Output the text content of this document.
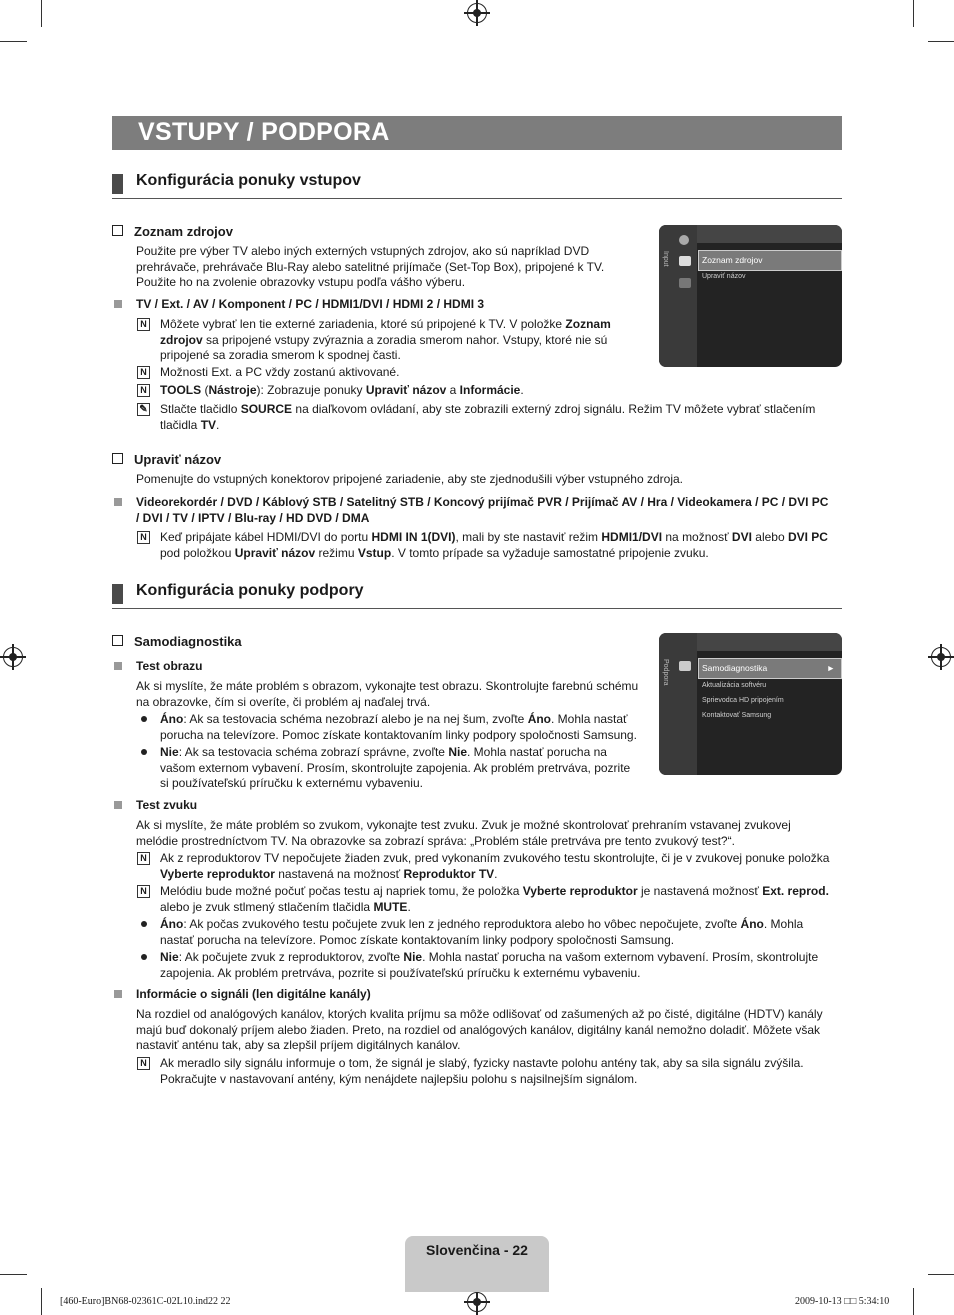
VSTUPY / PODPORA
Konfigurácia ponuky vstupov
Zoznam zdrojov
Použite pre výber TV alebo iných externých vstupných zdrojov, ako sú napríklad DVD
prehrávače, prehrávače Blu-Ray alebo satelitné prijímače (Set-Top Box), pripojené k TV.
Použite ho na zvolenie obrazovky vstupu podľa vášho výberu.
TV / Ext. / AV / Komponent / PC / HDMI1/DVI / HDMI 2 / HDMI 3
N Môžete vybrať len tie externé zariadenia, ktoré sú pripojené k TV. V položke Zoznam
zdrojov sa pripojené vstupy zvýraznia a zoradia smerom nahor. Vstupy, ktoré nie sú
pripojené sa zoradia smerom k spodnej časti.
N Možnosti Ext. a PC vždy zostanú aktivované.
N TOOLS (Nástroje): Zobrazuje ponuky Upraviť názov a Informácie.
✎ Stlačte tlačidlo SOURCE na diaľkovom ovládaní, aby ste zobrazili externý zdroj signálu. Režim TV môžete vybrať stlačením
tlačidla TV.
Input	Zoznam zdrojov
Upraviť názov
Upraviť názov
Pomenujte do vstupných konektorov pripojené zariadenie, aby ste zjednodušili výber vstupného zdroja.
Videorekordér / DVD / Káblový STB / Satelitný STB / Koncový prijímač PVR / Prijímač AV / Hra / Videokamera / PC / DVI PC
/ DVI / TV / IPTV / Blu-ray / HD DVD / DMA
N Keď pripájate kábel HDMI/DVI do portu HDMI IN 1(DVI), mali by ste nastaviť režim HDMI1/DVI na možnosť DVI alebo DVI PC
pod položkou Upraviť názov režimu Vstup. V tomto prípade sa vyžaduje samostatné pripojenie zvuku.
Konfigurácia ponuky podpory
Samodiagnostika
Test obrazu
Ak si myslíte, že máte problém s obrazom, vykonajte test obrazu. Skontrolujte farebnú schému
na obrazovke, čím si overíte, či problém aj naďalej trvá.
Áno: Ak sa testovacia schéma nezobrazí alebo je na nej šum, zvoľte Áno. Mohla nastať
porucha na televízore. Pomoc získate kontaktovaním linky podpory spoločnosti Samsung.
Nie: Ak sa testovacia schéma zobrazí správne, zvoľte Nie. Mohla nastať porucha na
vašom externom vybavení. Prosím, skontrolujte zapojenia. Ak problém pretrváva, pozrite
si používateľskú príručku k externému vybaveniu.
Podpora	Samodiagnostika	►
Aktualizácia softvéru
Sprievodca HD pripojením
Kontaktovať Samsung
Test zvuku
Ak si myslíte, že máte problém so zvukom, vykonajte test zvuku. Zvuk je možné skontrolovať prehraním vstavanej zvukovej
melódie prostredníctvom TV. Na obrazovke sa zobrazí správa: „Problém stále pretrváva pre tento zvukový test?“.
N Ak z reproduktorov TV nepočujete žiaden zvuk, pred vykonaním zvukového testu skontrolujte, či je v zvukovej ponuke položka
Vyberte reproduktor nastavená na možnosť Reproduktor TV.
N Melódiu bude možné počuť počas testu aj napriek tomu, že položka Vyberte reproduktor je nastavená možnosť Ext. reprod.
alebo je zvuk stlmený stlačením tlačidla MUTE.
Áno: Ak počas zvukového testu počujete zvuk len z jedného reproduktora alebo ho vôbec nepočujete, zvoľte Áno. Mohla
nastať porucha na televízore. Pomoc získate kontaktovaním linky podpory spoločnosti Samsung.
Nie: Ak počujete zvuk z reproduktorov, zvoľte Nie. Mohla nastať porucha na vašom externom vybavení. Prosím, skontrolujte
zapojenia. Ak problém pretrváva, pozrite si používateľskú príručku k externému vybaveniu.
Informácie o signáli (len digitálne kanály)
Na rozdiel od analógových kanálov, ktorých kvalita príjmu sa môže odlišovať od zašumených až po čisté, digitálne (HDTV) kanály
majú buď dokonalý príjem alebo žiaden. Preto, na rozdiel od analógových kanálov, digitálny kanál nemožno doladiť. Môžete však
nastaviť anténu tak, aby sa zlepšil príjem digitálnych kanálov.
N Ak meradlo sily signálu informuje o tom, že signál je slabý, fyzicky nastavte polohu antény tak, aby sa sila signálu zvýšila.
Pokračujte v nastavovaní antény, kým nenájdete najlepšiu polohu s najsilnejším signálom.
Slovenčina - 22
[460-Euro]BN68-02361C-02L10.ind22 22	2009-10-13 □□ 5:34:10
